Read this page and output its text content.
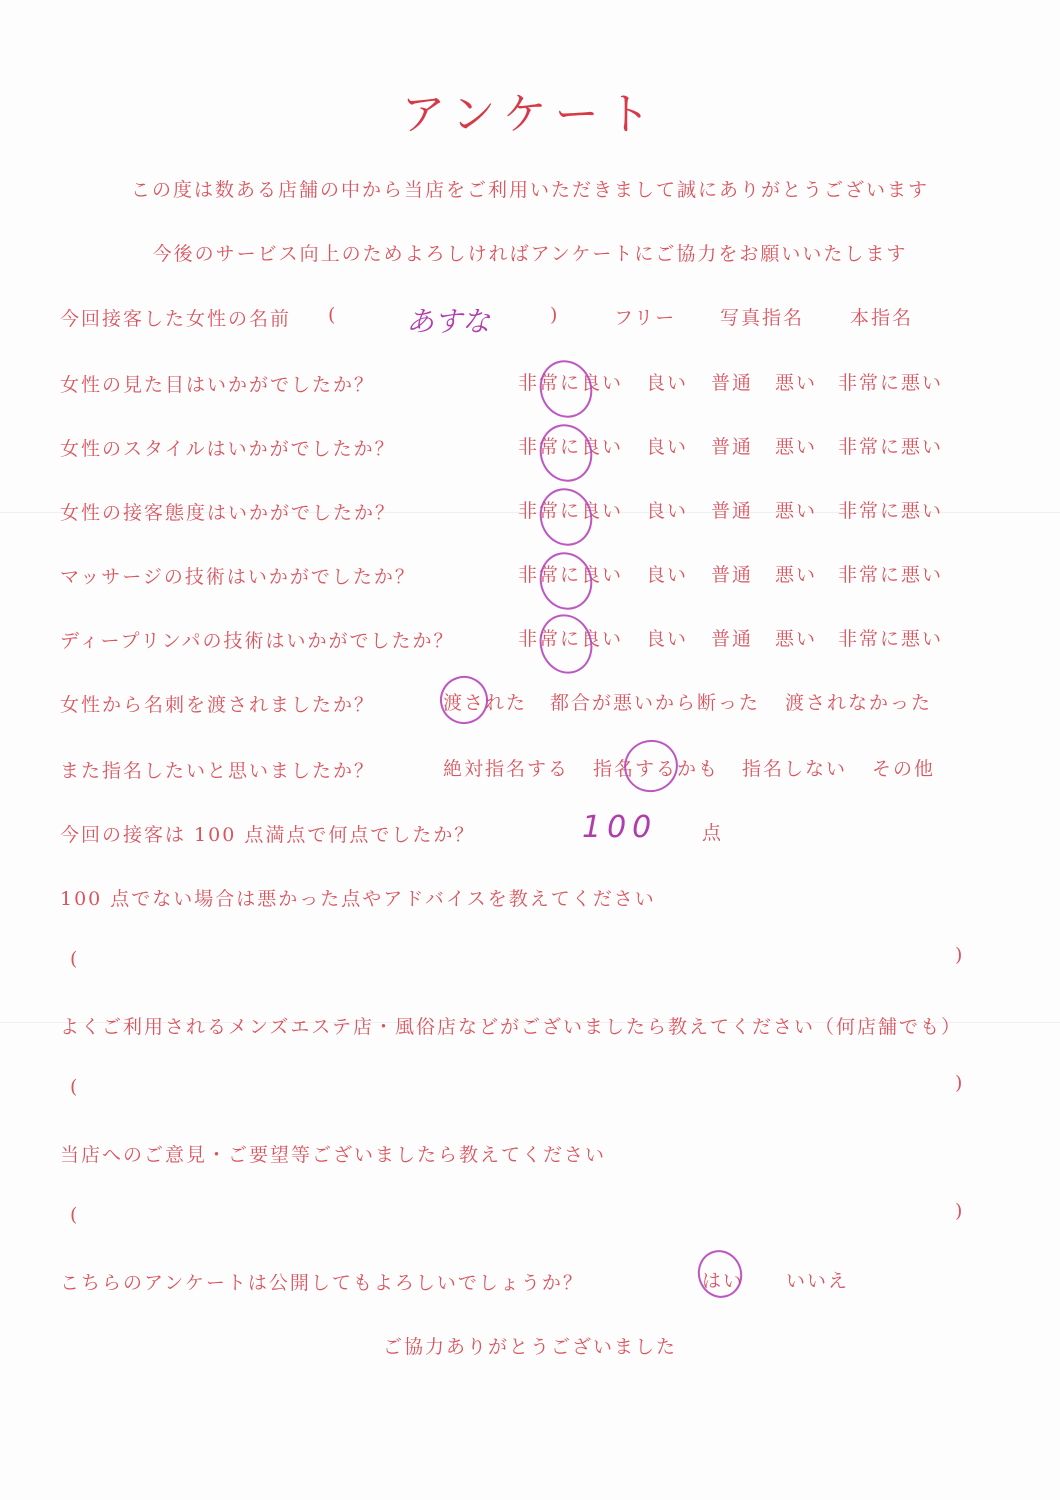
アンケート
この度は数ある店舗の中から当店をご利用いただきまして誠にありがとうございます
今後のサービス向上のためよろしければアンケートにご協力をお願いいたします
今回接客した女性の名前 (	あすな	)	フリー 写真指名 本指名
女性の見た目はいかがでしたか？	非常に良い 良い 普通 悪い 非常に悪い
女性のスタイルはいかがでしたか？	非常に良い 良い 普通 悪い 非常に悪い
女性の接客態度はいかがでしたか？	非常に良い 良い 普通 悪い 非常に悪い
マッサージの技術はいかがでしたか？	非常に良い 良い 普通 悪い 非常に悪い
ディープリンパの技術はいかがでしたか？	非常に良い 良い 普通 悪い 非常に悪い
女性から名刺を渡されましたか？	渡された 都合が悪いから断った 渡されなかった
また指名したいと思いましたか？	絶対指名する 指名するかも 指名しない その他
今回の接客は 100 点満点で何点でしたか？	100 点
100 点でない場合は悪かった点やアドバイスを教えてください
(	)
よくご利用されるメンズエステ店・風俗店などがございましたら教えてください（何店舗でも）
(	)
当店へのご意見・ご要望等ございましたら教えてください
(	)
こちらのアンケートは公開してもよろしいでしょうか？	はい いいえ
ご協力ありがとうございました
